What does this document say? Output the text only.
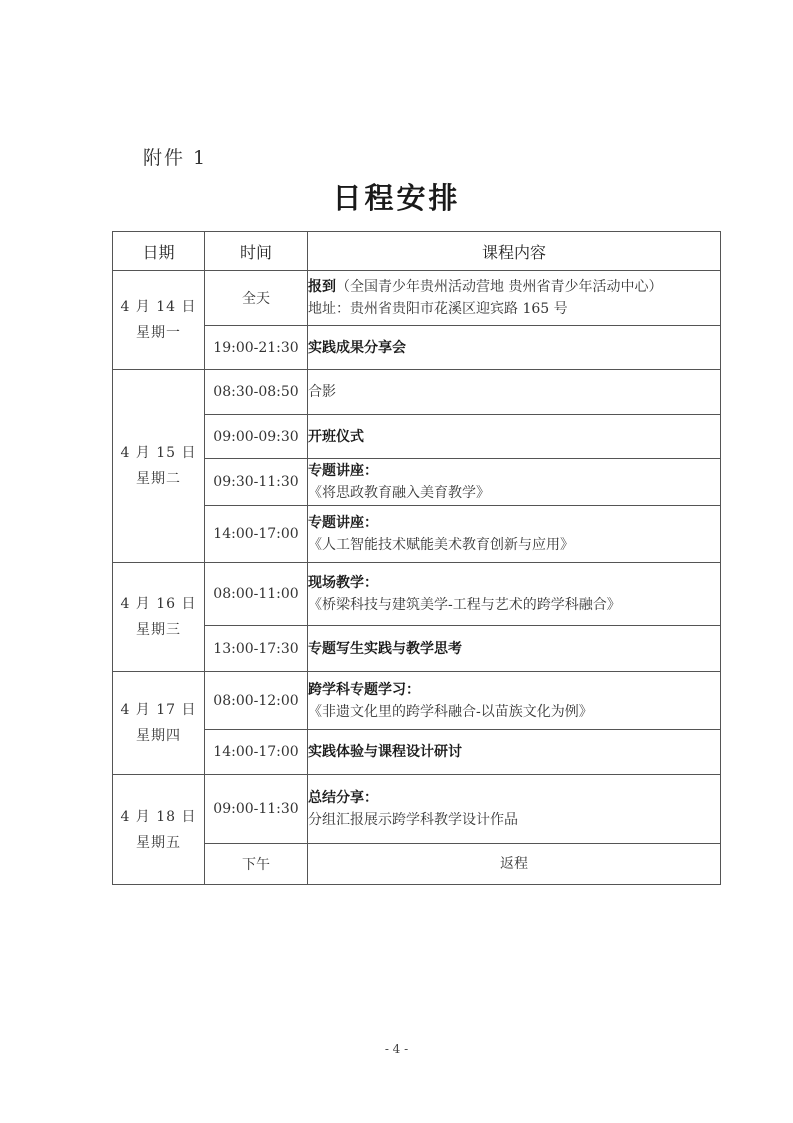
附件 1
日程安排
日期	时间	课程内容

4 月 14 日
星期一	全天	报到（全国青少年贵州活动营地 贵州省青少年活动中心）
地址：贵州省贵阳市花溪区迎宾路 165 号

	19:00-21:30	实践成果分享会

4 月 15 日
星期二	08:30-08:50	合影
	09:00-09:30	开班仪式
	09:30-11:30	专题讲座：
《将思政教育融入美育教学》

	14:00-17:00	专题讲座：
《人工智能技术赋能美术教育创新与应用》

4 月 16 日
星期三	08:00-11:00	现场教学：
《桥梁科技与建筑美学-工程与艺术的跨学科融合》

	13:00-17:30	专题写生实践与教学思考

4 月 17 日
星期四	08:00-12:00	跨学科专题学习：
《非遗文化里的跨学科融合-以苗族文化为例》

	14:00-17:00	实践体验与课程设计研讨

4 月 18 日
星期五	09:00-11:30	总结分享：
分组汇报展示跨学科教学设计作品

	下午	返程
- 4 -
